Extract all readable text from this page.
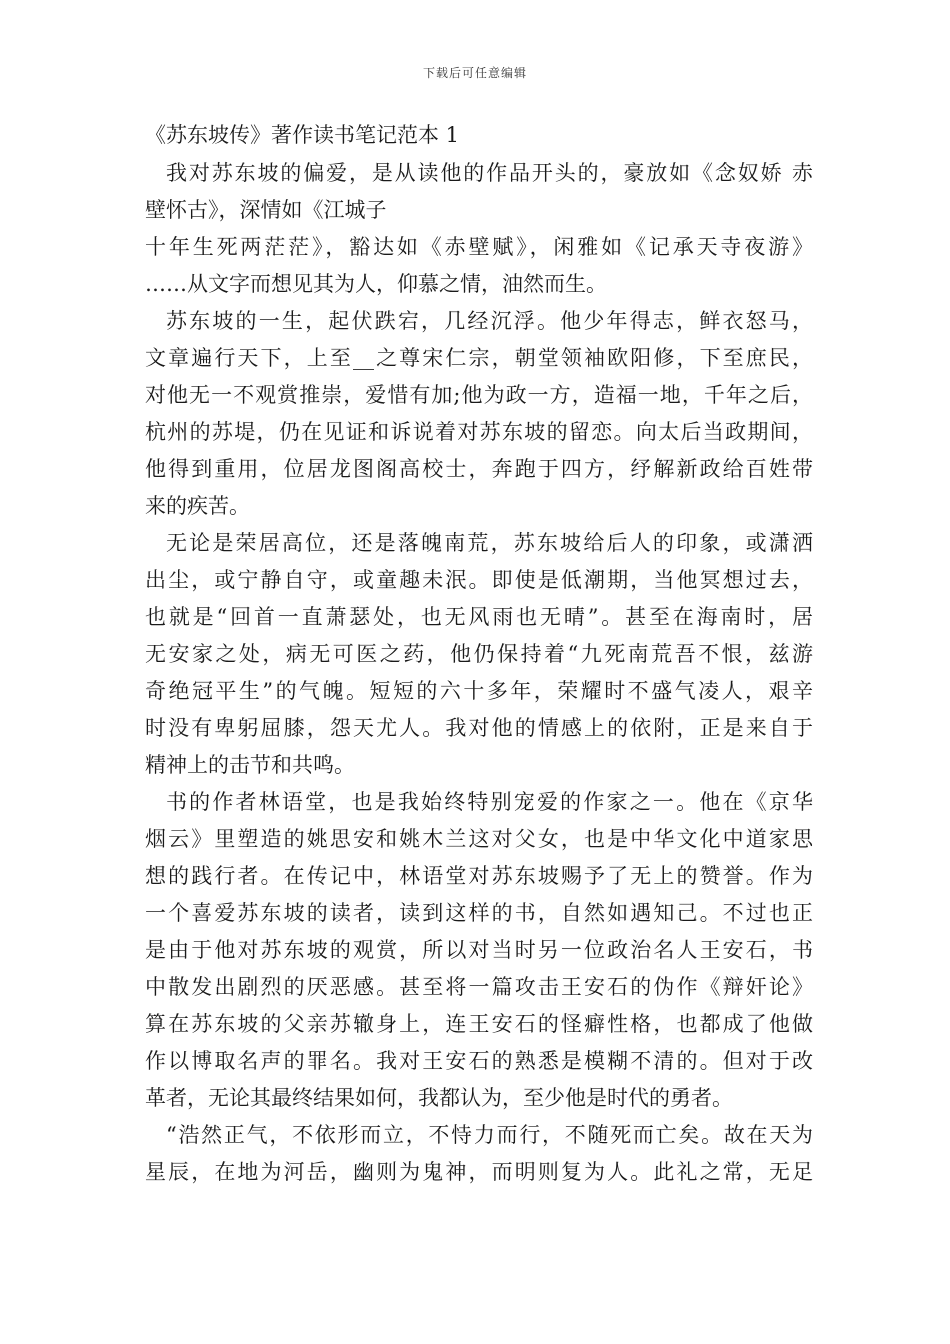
下载后可任意编辑
《苏东坡传》著作读书笔记范本 1
我对苏东坡的偏爱，是从读他的作品开头的，豪放如《念奴娇 赤
壁怀古》，深情如《江城子
十年生死两茫茫》，豁达如《赤壁赋》，闲雅如《记承天寺夜游》
……从文字而想见其为人，仰慕之情，油然而生。
苏东坡的一生，起伏跌宕，几经沉浮。他少年得志，鲜衣怒马，
文章遍行天下，上至__之尊宋仁宗，朝堂领袖欧阳修，下至庶民，
对他无一不观赏推崇，爱惜有加;他为政一方，造福一地，千年之后，
杭州的苏堤，仍在见证和诉说着对苏东坡的留恋。向太后当政期间，
他得到重用，位居龙图阁高校士，奔跑于四方，纾解新政给百姓带
来的疾苦。
无论是荣居高位，还是落魄南荒，苏东坡给后人的印象，或潇洒
出尘，或宁静自守，或童趣未泯。即使是低潮期，当他冥想过去，
也就是“回首一直萧瑟处，也无风雨也无晴”。甚至在海南时，居
无安家之处，病无可医之药，他仍保持着“九死南荒吾不恨，兹游
奇绝冠平生”的气魄。短短的六十多年，荣耀时不盛气凌人，艰辛
时没有卑躬屈膝，怨天尤人。我对他的情感上的依附，正是来自于
精神上的击节和共鸣。
书的作者林语堂，也是我始终特别宠爱的作家之一。他在《京华
烟云》里塑造的姚思安和姚木兰这对父女，也是中华文化中道家思
想的践行者。在传记中，林语堂对苏东坡赐予了无上的赞誉。作为
一个喜爱苏东坡的读者，读到这样的书，自然如遇知己。不过也正
是由于他对苏东坡的观赏，所以对当时另一位政治名人王安石，书
中散发出剧烈的厌恶感。甚至将一篇攻击王安石的伪作《辩奸论》
算在苏东坡的父亲苏辙身上，连王安石的怪癖性格，也都成了他做
作以博取名声的罪名。我对王安石的熟悉是模糊不清的。但对于改
革者，无论其最终结果如何，我都认为，至少他是时代的勇者。
“浩然正气，不依形而立，不恃力而行，不随死而亡矣。故在天为
星辰，在地为河岳，幽则为鬼神，而明则复为人。此礼之常，无足
